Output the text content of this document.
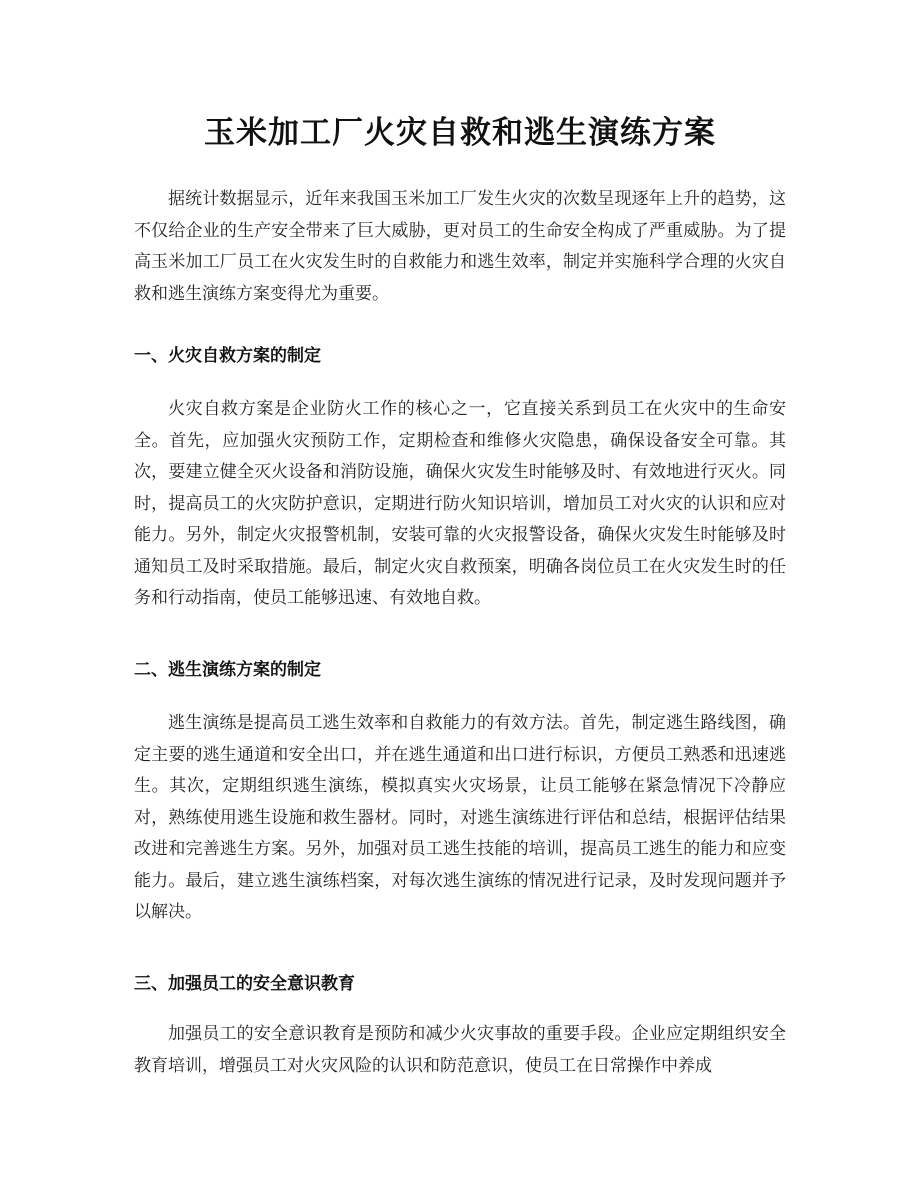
玉米加工厂火灾自救和逃生演练方案

据统计数据显示，近年来我国玉米加工厂发生火灾的次数呈现逐年上升的趋势，这不仅给企业的生产安全带来了巨大威胁，更对员工的生命安全构成了严重威胁。为了提高玉米加工厂员工在火灾发生时的自救能力和逃生效率，制定并实施科学合理的火灾自救和逃生演练方案变得尤为重要。

一、火灾自救方案的制定

火灾自救方案是企业防火工作的核心之一，它直接关系到员工在火灾中的生命安全。首先，应加强火灾预防工作，定期检查和维修火灾隐患，确保设备安全可靠。其次，要建立健全灭火设备和消防设施，确保火灾发生时能够及时、有效地进行灭火。同时，提高员工的火灾防护意识，定期进行防火知识培训，增加员工对火灾的认识和应对能力。另外，制定火灾报警机制，安装可靠的火灾报警设备，确保火灾发生时能够及时通知员工及时采取措施。最后，制定火灾自救预案，明确各岗位员工在火灾发生时的任务和行动指南，使员工能够迅速、有效地自救。

二、逃生演练方案的制定

逃生演练是提高员工逃生效率和自救能力的有效方法。首先，制定逃生路线图，确定主要的逃生通道和安全出口，并在逃生通道和出口进行标识，方便员工熟悉和迅速逃生。其次，定期组织逃生演练，模拟真实火灾场景，让员工能够在紧急情况下冷静应对，熟练使用逃生设施和救生器材。同时，对逃生演练进行评估和总结，根据评估结果改进和完善逃生方案。另外，加强对员工逃生技能的培训，提高员工逃生的能力和应变能力。最后，建立逃生演练档案，对每次逃生演练的情况进行记录，及时发现问题并予以解决。

三、加强员工的安全意识教育

加强员工的安全意识教育是预防和减少火灾事故的重要手段。企业应定期组织安全教育培训，增强员工对火灾风险的认识和防范意识，使员工在日常操作中养成
